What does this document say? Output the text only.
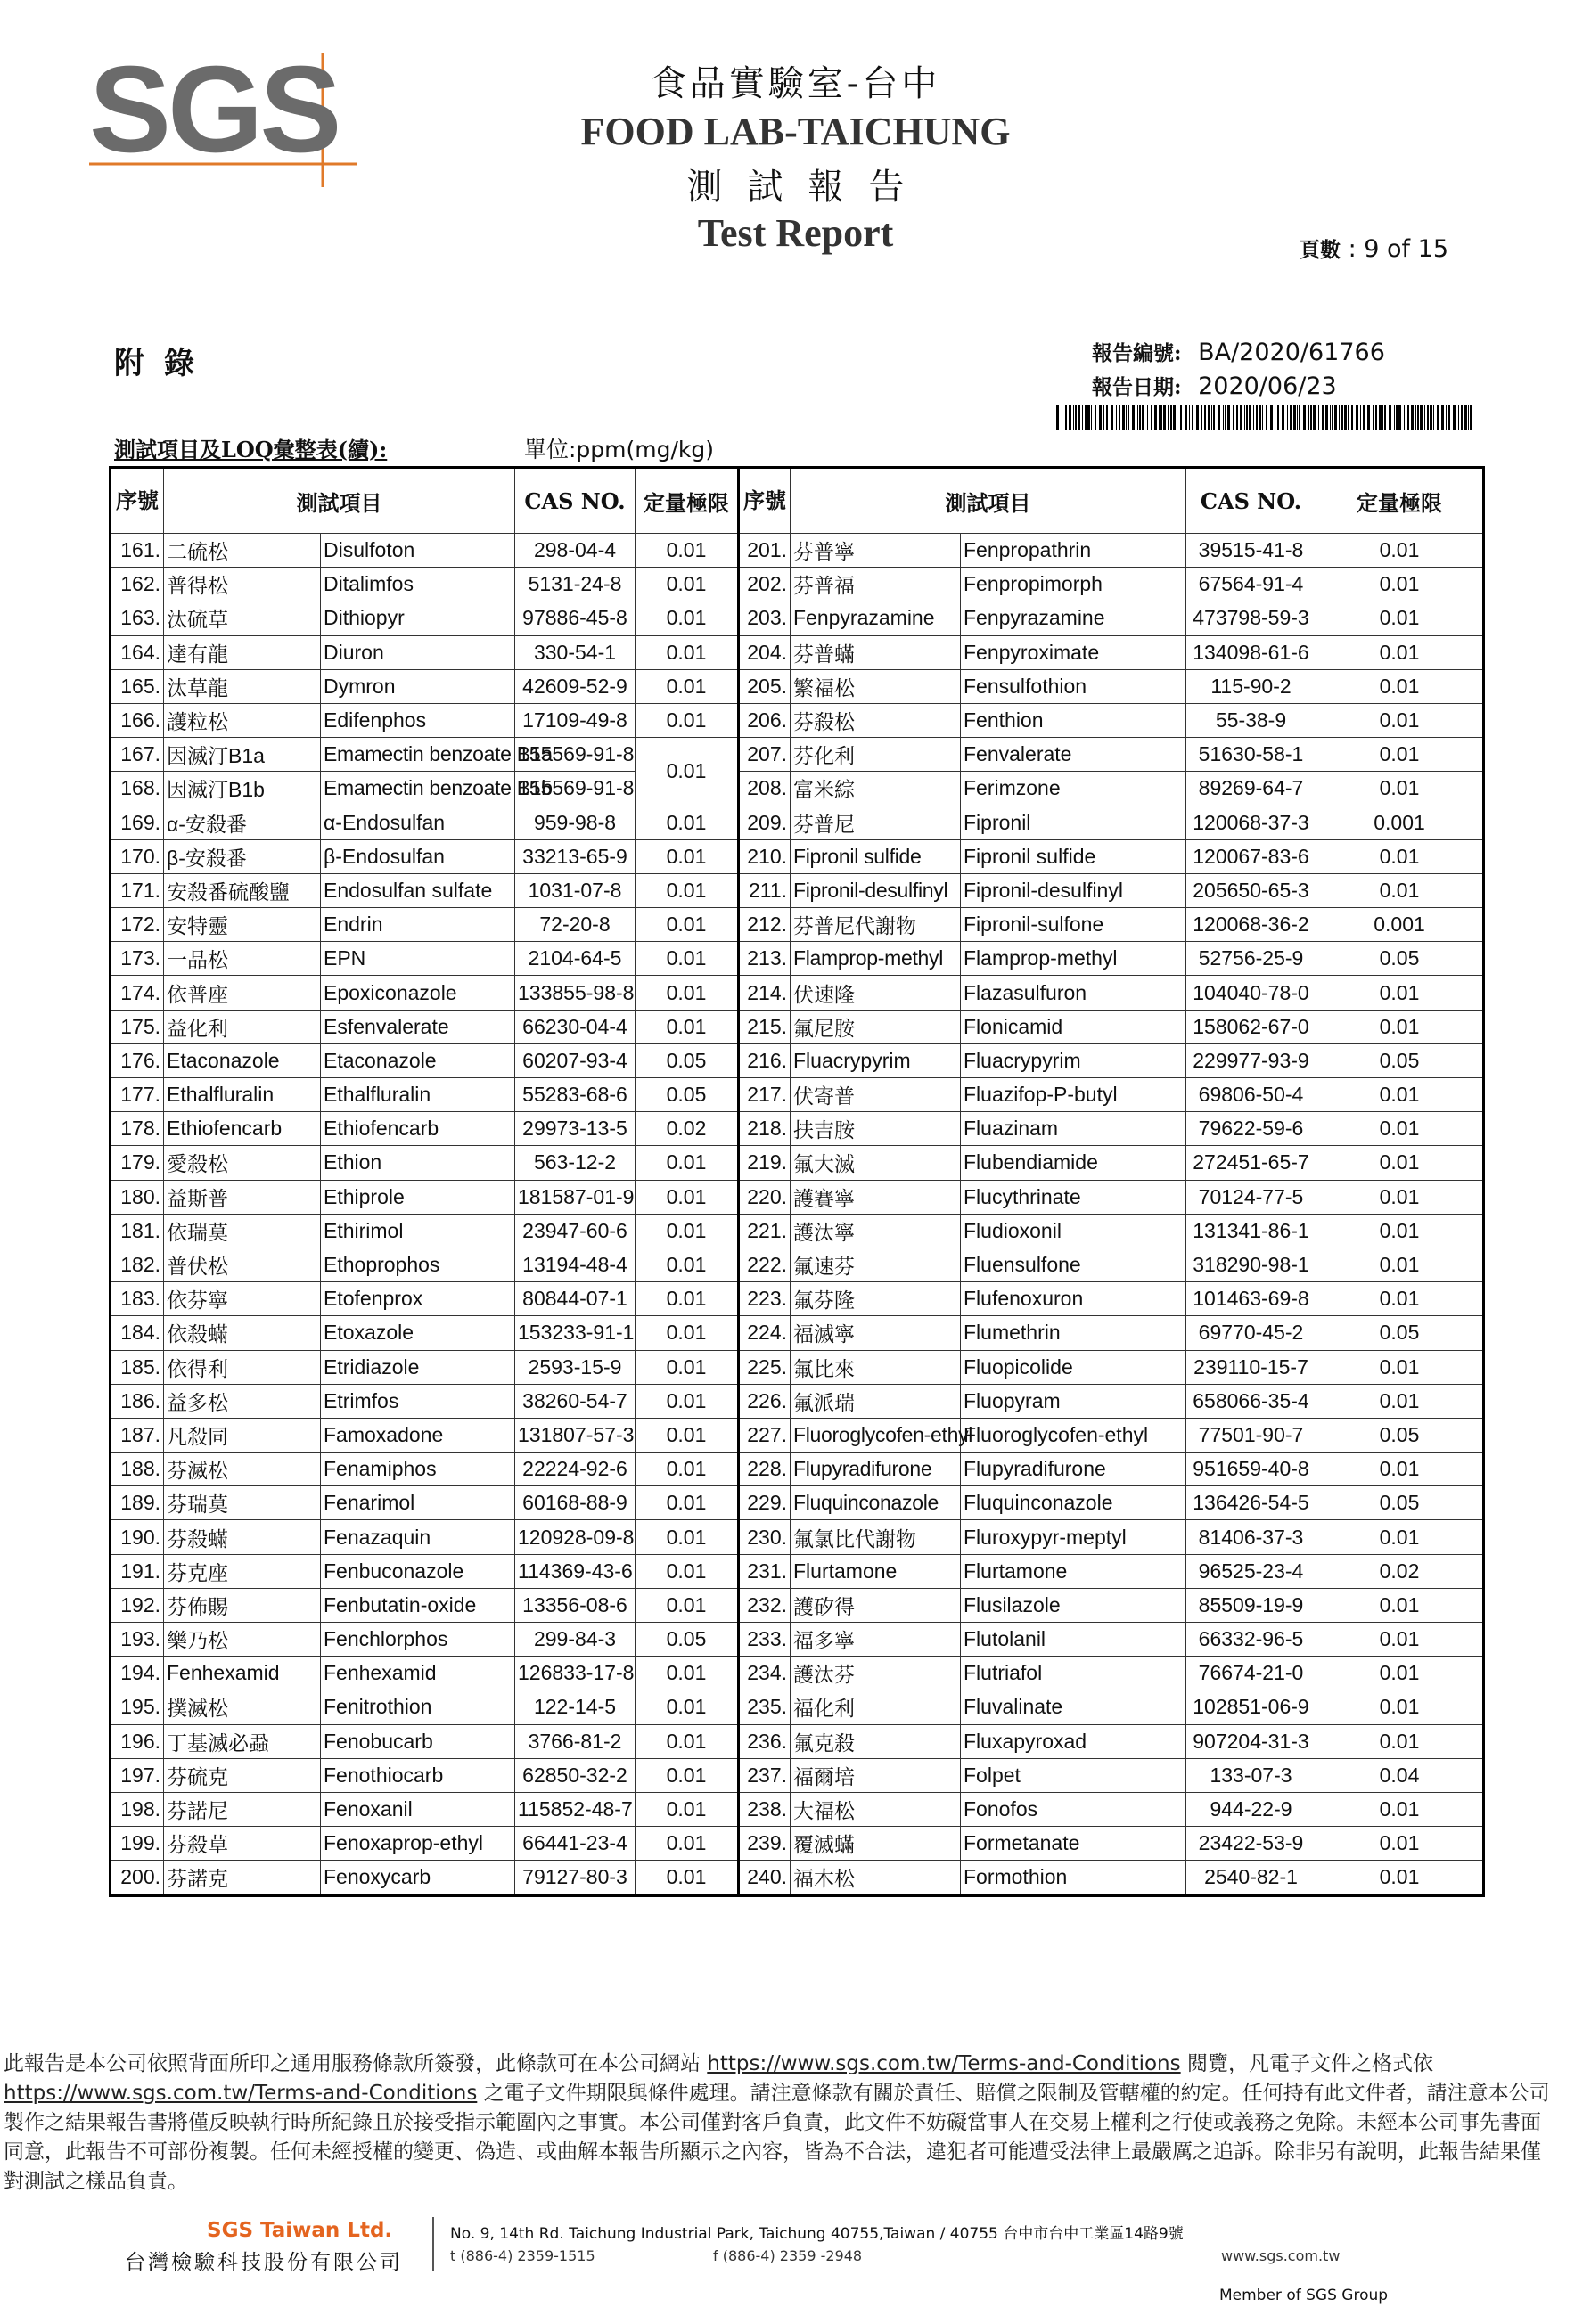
SGS	食品實驗室-台中
FOOD LAB-TAICHUNG
測試報告
Test Report	頁數 : 9 of 15
附錄	報告編號: BA/2020/61766
報告日期: 2020/06/23
測試項目及LOQ彙整表(續):	單位:ppm(mg/kg)
序號	測試項目		CAS NO.	定量極限	序號	測試項目		CAS NO.	定量極限
161.	二硫松	Disulfoton	298-04-4	0.01	201.	芬普寧	Fenpropathrin	39515-41-8	0.01
162.	普得松	Ditalimfos	5131-24-8	0.01	202.	芬普福	Fenpropimorph	67564-91-4	0.01
163.	汰硫草	Dithiopyr	97886-45-8	0.01	203.	Fenpyrazamine	Fenpyrazamine	473798-59-3	0.01
164.	達有龍	Diuron	330-54-1	0.01	204.	芬普蟎	Fenpyroximate	134098-61-6	0.01
165.	汰草龍	Dymron	42609-52-9	0.01	205.	繁福松	Fensulfothion	115-90-2	0.01
166.	護粒松	Edifenphos	17109-49-8	0.01	206.	芬殺松	Fenthion	55-38-9	0.01
167.	因滅汀B1a	Emamectin benzoate B1a	155569-91-8	0.01	207.	芬化利	Fenvalerate	51630-58-1	0.01
168.	因滅汀B1b	Emamectin benzoate B1b	155569-91-8		208.	富米綜	Ferimzone	89269-64-7	0.01
169.	α-安殺番	α-Endosulfan	959-98-8	0.01	209.	芬普尼	Fipronil	120068-37-3	0.001
170.	β-安殺番	β-Endosulfan	33213-65-9	0.01	210.	Fipronil sulfide	Fipronil sulfide	120067-83-6	0.01
171.	安殺番硫酸鹽	Endosulfan sulfate	1031-07-8	0.01	211.	Fipronil-desulfinyl	Fipronil-desulfinyl	205650-65-3	0.01
172.	安特靈	Endrin	72-20-8	0.01	212.	芬普尼代謝物	Fipronil-sulfone	120068-36-2	0.001
173.	一品松	EPN	2104-64-5	0.01	213.	Flamprop-methyl	Flamprop-methyl	52756-25-9	0.05
174.	依普座	Epoxiconazole	133855-98-8	0.01	214.	伏速隆	Flazasulfuron	104040-78-0	0.01
175.	益化利	Esfenvalerate	66230-04-4	0.01	215.	氟尼胺	Flonicamid	158062-67-0	0.01
176.	Etaconazole	Etaconazole	60207-93-4	0.05	216.	Fluacrypyrim	Fluacrypyrim	229977-93-9	0.05
177.	Ethalfluralin	Ethalfluralin	55283-68-6	0.05	217.	伏寄普	Fluazifop-P-butyl	69806-50-4	0.01
178.	Ethiofencarb	Ethiofencarb	29973-13-5	0.02	218.	扶吉胺	Fluazinam	79622-59-6	0.01
179.	愛殺松	Ethion	563-12-2	0.01	219.	氟大滅	Flubendiamide	272451-65-7	0.01
180.	益斯普	Ethiprole	181587-01-9	0.01	220.	護賽寧	Flucythrinate	70124-77-5	0.01
181.	依瑞莫	Ethirimol	23947-60-6	0.01	221.	護汰寧	Fludioxonil	131341-86-1	0.01
182.	普伏松	Ethoprophos	13194-48-4	0.01	222.	氟速芬	Fluensulfone	318290-98-1	0.01
183.	依芬寧	Etofenprox	80844-07-1	0.01	223.	氟芬隆	Flufenoxuron	101463-69-8	0.01
184.	依殺蟎	Etoxazole	153233-91-1	0.01	224.	福滅寧	Flumethrin	69770-45-2	0.05
185.	依得利	Etridiazole	2593-15-9	0.01	225.	氟比來	Fluopicolide	239110-15-7	0.01
186.	益多松	Etrimfos	38260-54-7	0.01	226.	氟派瑞	Fluopyram	658066-35-4	0.01
187.	凡殺同	Famoxadone	131807-57-3	0.01	227.	Fluoroglycofen-ethyl	Fluoroglycofen-ethyl	77501-90-7	0.05
188.	芬滅松	Fenamiphos	22224-92-6	0.01	228.	Flupyradifurone	Flupyradifurone	951659-40-8	0.01
189.	芬瑞莫	Fenarimol	60168-88-9	0.01	229.	Fluquinconazole	Fluquinconazole	136426-54-5	0.05
190.	芬殺蟎	Fenazaquin	120928-09-8	0.01	230.	氟氯比代謝物	Fluroxypyr-meptyl	81406-37-3	0.01
191.	芬克座	Fenbuconazole	114369-43-6	0.01	231.	Flurtamone	Flurtamone	96525-23-4	0.02
192.	芬佈賜	Fenbutatin-oxide	13356-08-6	0.01	232.	護矽得	Flusilazole	85509-19-9	0.01
193.	樂乃松	Fenchlorphos	299-84-3	0.05	233.	福多寧	Flutolanil	66332-96-5	0.01
194.	Fenhexamid	Fenhexamid	126833-17-8	0.01	234.	護汰芬	Flutriafol	76674-21-0	0.01
195.	撲滅松	Fenitrothion	122-14-5	0.01	235.	福化利	Fluvalinate	102851-06-9	0.01
196.	丁基滅必蝨	Fenobucarb	3766-81-2	0.01	236.	氟克殺	Fluxapyroxad	907204-31-3	0.01
197.	芬硫克	Fenothiocarb	62850-32-2	0.01	237.	福爾培	Folpet	133-07-3	0.04
198.	芬諾尼	Fenoxanil	115852-48-7	0.01	238.	大福松	Fonofos	944-22-9	0.01
199.	芬殺草	Fenoxaprop-ethyl	66441-23-4	0.01	239.	覆滅蟎	Formetanate	23422-53-9	0.01
200.	芬諾克	Fenoxycarb	79127-80-3	0.01	240.	福木松	Formothion	2540-82-1	0.01
此報告是本公司依照背面所印之通用服務條款所簽發，此條款可在本公司網站 https://www.sgs.com.tw/Terms-and-Conditions 閱覽，凡電子文件之格式依 https://www.sgs.com.tw/Terms-and-Conditions 之電子文件期限與條件處理。請注意條款有關於責任、賠償之限制及管轄權的約定。任何持有此文件者，請注意本公司製作之結果報告書將僅反映執行時所紀錄且於接受指示範圍內之事實。本公司僅對客戶負責，此文件不妨礙當事人在交易上權利之行使或義務之免除。未經本公司事先書面同意，此報告不可部份複製。任何未經授權的變更、偽造、或曲解本報告所顯示之內容，皆為不合法，違犯者可能遭受法律上最嚴厲之追訴。除非另有說明，此報告結果僅對測試之樣品負責。
SGS Taiwan Ltd.
台灣檢驗科技股份有限公司
No. 9, 14th Rd. Taichung Industrial Park, Taichung 40755,Taiwan / 40755 台中市台中工業區14路9號
t (886-4) 2359-1515	f (886-4) 2359 -2948	www.sgs.com.tw
Member of SGS Group
